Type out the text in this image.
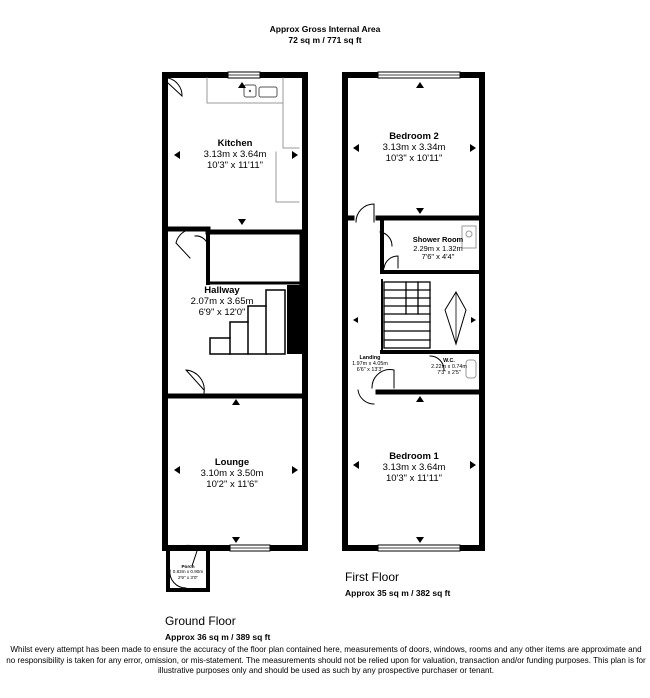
Approx Gross Internal Area
72 sq m / 771 sq ft
Kitchen
3.13m x 3.64m
10'3" x 11'11"
Hallway
2.07m x 3.65m
6'9" x 12'0"
Lounge
3.10m x 3.50m
10'2" x 11'6"
Porch
0.83m x 0.90m
2'9" x 3'0"
Bedroom 2
3.13m x 3.34m
10'3" x 10'11"
Shower Room
2.29m x 1.32m
7'6" x 4'4"
Landing
1.97m x 4.05m
6'6" x 13'3"
W.C.
2.22m x 0.74m
7'3" x 2'5"
Bedroom 1
3.13m x 3.64m
10'3" x 11'11"
First Floor
Approx 35 sq m / 382 sq ft
Ground Floor
Approx 36 sq m / 389 sq ft
Whilst every attempt has been made to ensure the accuracy of the floor plan contained here, measurements of doors, windows, rooms and any other items are approximate and no responsibility is taken for any error, omission, or mis-statement. The measurements should not be relied upon for valuation, transaction and/or funding purposes. This plan is for illustrative purposes only and should be used as such by any prospective purchaser or tenant.
